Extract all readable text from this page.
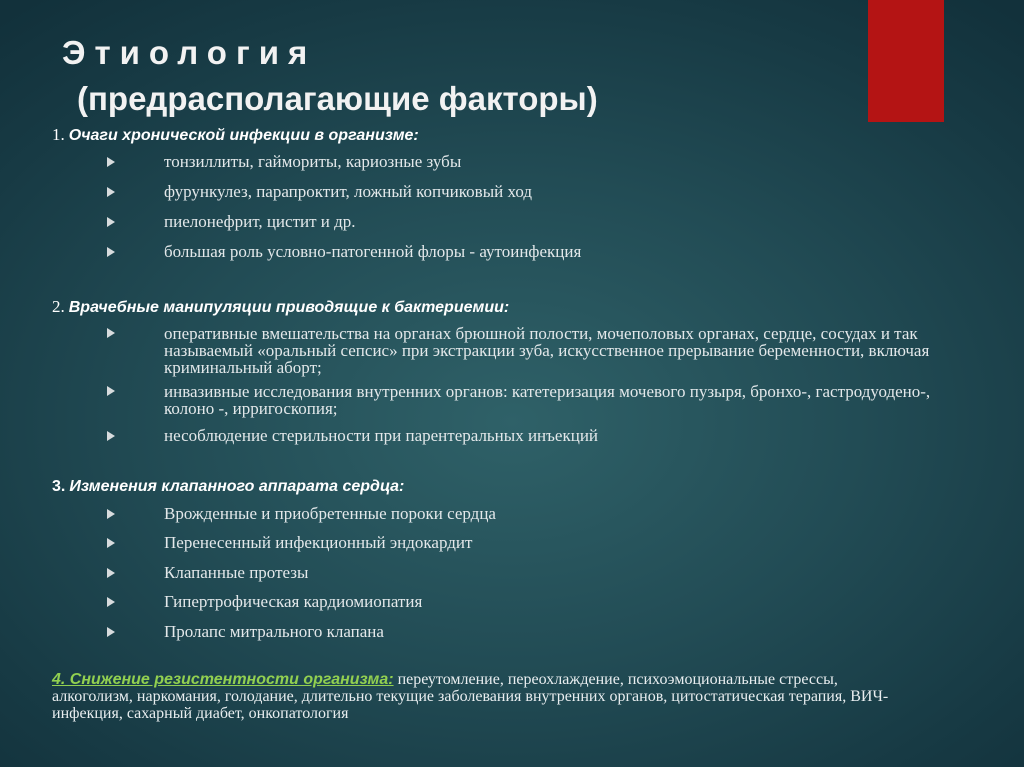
Этиология
(предрасполагающие факторы)
1. Очаги хронической инфекции в организме:
тонзиллиты, гаймориты, кариозные зубы
фурункулез, парапроктит, ложный копчиковый ход
пиелонефрит, цистит и др.
большая роль условно-патогенной флоры - аутоинфекция
2. Врачебные манипуляции приводящие к бактериемии:
оперативные вмешательства на органах брюшной полости, мочеполовых органах, сердце, сосудах и так называемый «оральный сепсис» при экстракции зуба, искусственное прерывание беременности, включая криминальный аборт;
инвазивные исследования внутренних органов: катетеризация мочевого пузыря, бронхо-, гастродуодено-, колоно -, ирригоскопия;
несоблюдение стерильности при парентеральных инъекций
3. Изменения клапанного аппарата сердца:
Врожденные и приобретенные пороки сердца
Перенесенный инфекционный эндокардит
Клапанные протезы
Гипертрофическая кардиомиопатия
Пролапс митрального клапана
4. Снижение резистентности организма: переутомление, переохлаждение, психоэмоциональные стрессы, алкоголизм, наркомания, голодание, длительно текущие заболевания внутренних органов, цитостатическая терапия, ВИЧ-инфекция, сахарный диабет, онкопатология
